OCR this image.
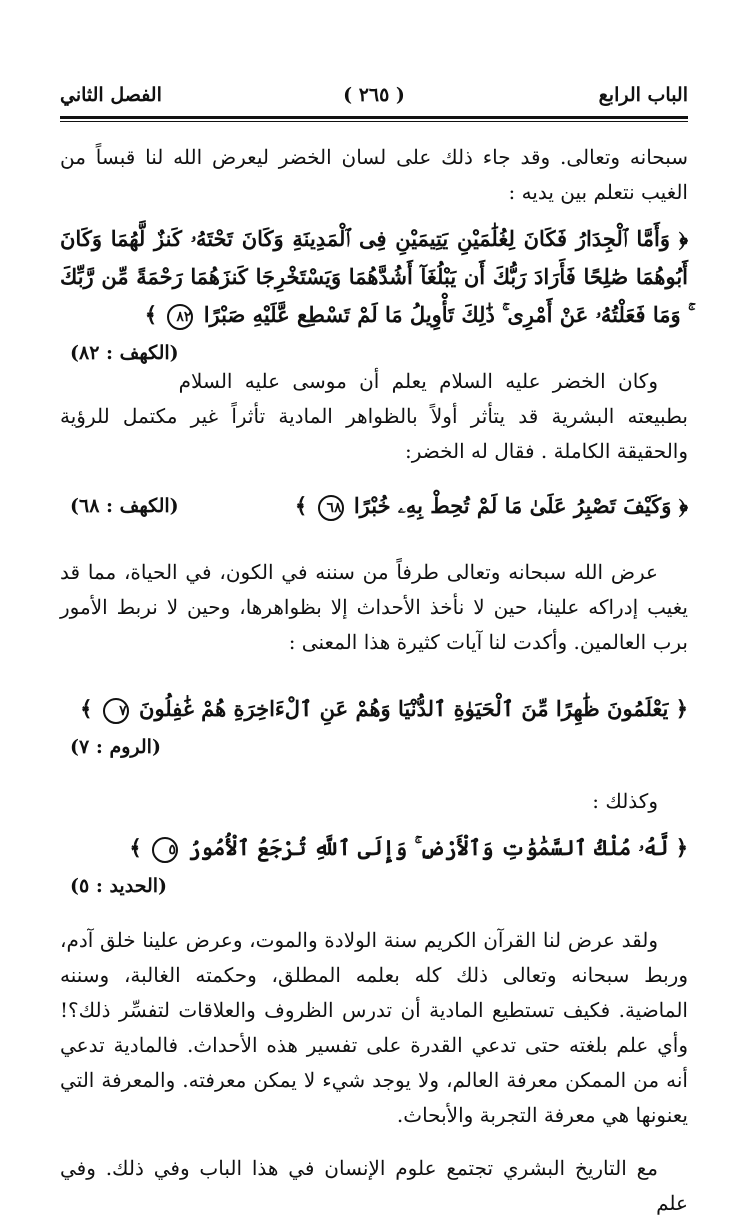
الباب الرابع
( ٢٦٥ )
الفصل الثاني

سبحانه وتعالى. وقد جاء ذلك على لسان الخضر ليعرض الله لنا قبساً من الغيب نتعلم بين يديه :

﴿ وَأَمَّا ٱلْجِدَارُ فَكَانَ لِغُلَٰمَيْنِ يَتِيمَيْنِ فِى ٱلْمَدِينَةِ وَكَانَ تَحْتَهُۥ كَنزٌ لَّهُمَا وَكَانَ أَبُوهُمَا صَٰلِحًا فَأَرَادَ رَبُّكَ أَن يَبْلُغَآ أَشُدَّهُمَا وَيَسْتَخْرِجَا كَنزَهُمَا رَحْمَةً مِّن رَّبِّكَ ۚ وَمَا فَعَلْتُهُۥ عَنْ أَمْرِى ۚ ذَٰلِكَ تَأْوِيلُ مَا لَمْ تَسْطِع عَّلَيْهِ صَبْرًا ٨٢ ﴾
(الكهف : ٨٢)

وكان الخضر عليه السلام يعلم أن موسى عليه السلام بطبيعته البشرية قد يتأثر أولاً بالظواهر المادية تأثراً غير مكتمل للرؤية والحقيقة الكاملة . فقال له الخضر:

﴿ وَكَيْفَ تَصْبِرُ عَلَىٰ مَا لَمْ تُحِطْ بِهِۦ خُبْرًا ٦٨ ﴾
(الكهف : ٦٨)

عرض الله سبحانه وتعالى طرفاً من سننه في الكون، في الحياة، مما قد يغيب إدراكه علينا، حين لا نأخذ الأحداث إلا بظواهرها، وحين لا نربط الأمور برب العالمين. وأكدت لنا آيات كثيرة هذا المعنى :

﴿ يَعْلَمُونَ ظَٰهِرًا مِّنَ ٱلْحَيَوٰةِ ٱلدُّنْيَا وَهُمْ عَنِ ٱلْءَاخِرَةِ هُمْ غَٰفِلُونَ ٧ ﴾
(الروم : ٧)

وكذلك :

﴿ لَّهُۥ مُلْكُ ٱلسَّمَٰوَٰتِ وَٱلْأَرْضِ ۚ وَإِلَى ٱللَّهِ تُرْجَعُ ٱلْأُمُورُ ٥ ﴾
(الحديد : ٥)

ولقد عرض لنا القرآن الكريم سنة الولادة والموت، وعرض علينا خلق آدم، وربط سبحانه وتعالى ذلك كله بعلمه المطلق، وحكمته الغالبة، وسننه الماضية. فكيف تستطيع المادية أن تدرس الظروف والعلاقات لتفسِّر ذلك؟! وأي علم بلغته حتى تدعي القدرة على تفسير هذه الأحداث. فالمادية تدعي أنه من الممكن معرفة العالم، ولا يوجد شيء لا يمكن معرفته. والمعرفة التي يعنونها هي معرفة التجربة والأبحاث.

مع التاريخ البشري تجتمع علوم الإنسان في هذا الباب وفي ذلك. وفي علم
